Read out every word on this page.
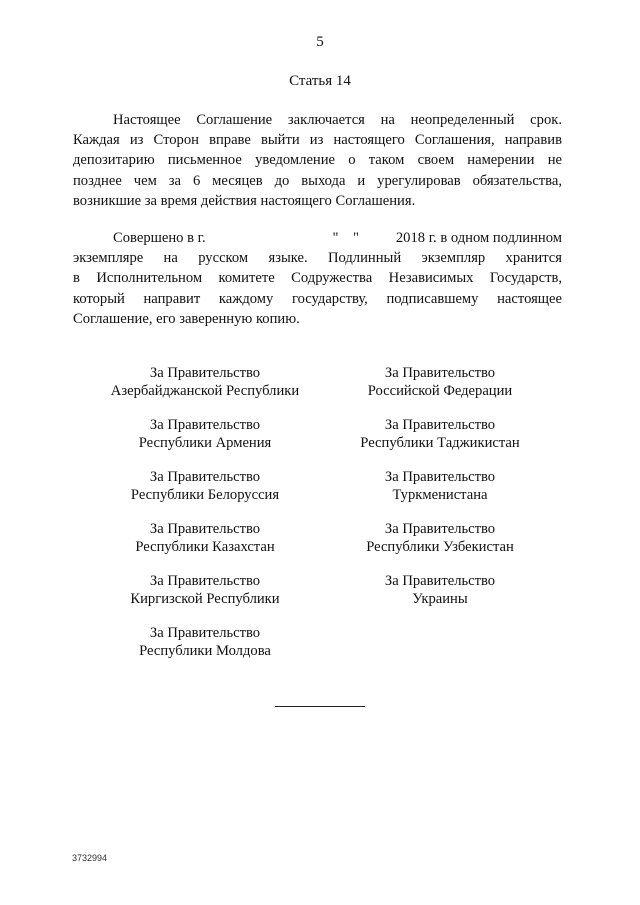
5
Статья 14
Настоящее Соглашение заключается на неопределенный срок.
Каждая из Сторон вправе выйти из настоящего Соглашения, направив
депозитарию письменное уведомление о таком своем намерении не
позднее чем за 6 месяцев до выхода и урегулировав обязательства,
возникшие за время действия настоящего Соглашения.
Совершено в г.	"    "	2018 г. в одном подлинном
экземпляре на русском языке. Подлинный экземпляр хранится
в Исполнительном комитете Содружества Независимых Государств,
который направит каждому государству, подписавшему настоящее
Соглашение, его заверенную копию.
За Правительство
Азербайджанской Республики
За Правительство
Республики Армения
За Правительство
Республики Белоруссия
За Правительство
Республики Казахстан
За Правительство
Киргизской Республики
За Правительство
Республики Молдова
За Правительство
Российской Федерации
За Правительство
Республики Таджикистан
За Правительство
Туркменистана
За Правительство
Республики Узбекистан
За Правительство
Украины
3732994
